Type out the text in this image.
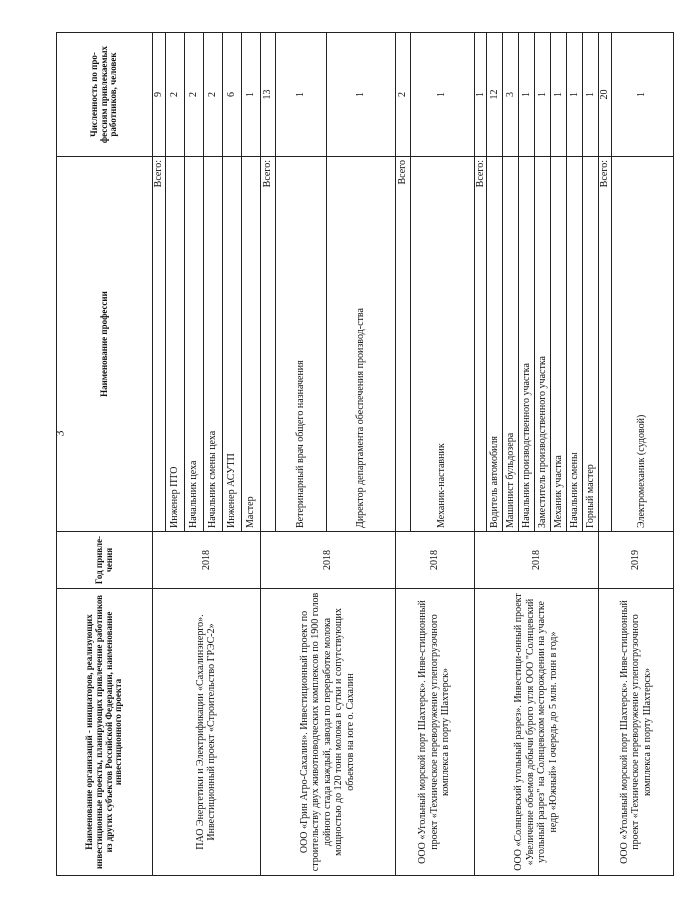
3
Наименование организаций - инициаторов, реализующих инвестиционные проекты, планирующих привлечение работников из других субъектов Российской Федерации, наименование инвестиционного проекта	Год привле-чения	Наименование профессии	Численность по про-фессиям привлекаемых работников, человек
ПАО Энергетики и Электрификации «Сахалинэнерго». Инвестиционный проект «Строительство ГРЭС-2»	2018	Всего:	9
		Инженер ПТО	2
		Начальник цеха	2
		Начальник смены цеха	2
		Инженер АСУТП	6
		Мастер	1
ООО «Грин Агро-Сахалин». Инвестиционный проект по строительству двух животноводческих комплексов по 1900 голов дойного стада каждый, завода по переработке молока мощностью до 120 тонн молока в сутки и сопутствующих объектов на юге о. Сахалин	2018	Всего:	13
		Ветеринарный врач общего назначения	1
		Директор департамента обеспечения производ-ства	1
ООО «Угольный морской порт Шахтерск». Инве-стиционный проект «Техническое переворужение углепогрузочного комплекса в порту Шахтерск»	2018	Всего	2
		Механик-наставник	1
ООО «Солнцевский угольный разрез». Инвестици-онный проект «Увеличение объемов добычи бурого угля ООО "Солнцевский угольный разрез" на Солнцевском месторождении на участке недр «Южный» I очередь до 5 млн. тонн в год»	2018	Всего:	1
		Водитель автомобиля	12
		Машинист бульдозера	3
		Начальник производственного участка	1
		Заместитель производственного участка	1
		Механик участка	1
		Начальник смены	1
		Горный мастер	1
ООО «Угольный морской порт Шахтерск». Инве-стиционный проект «Техническое переворужение углепогрузочного комплекса в порту Шахтерск»	2019	Всего:	20
		Электромеханик (судовой)	1
